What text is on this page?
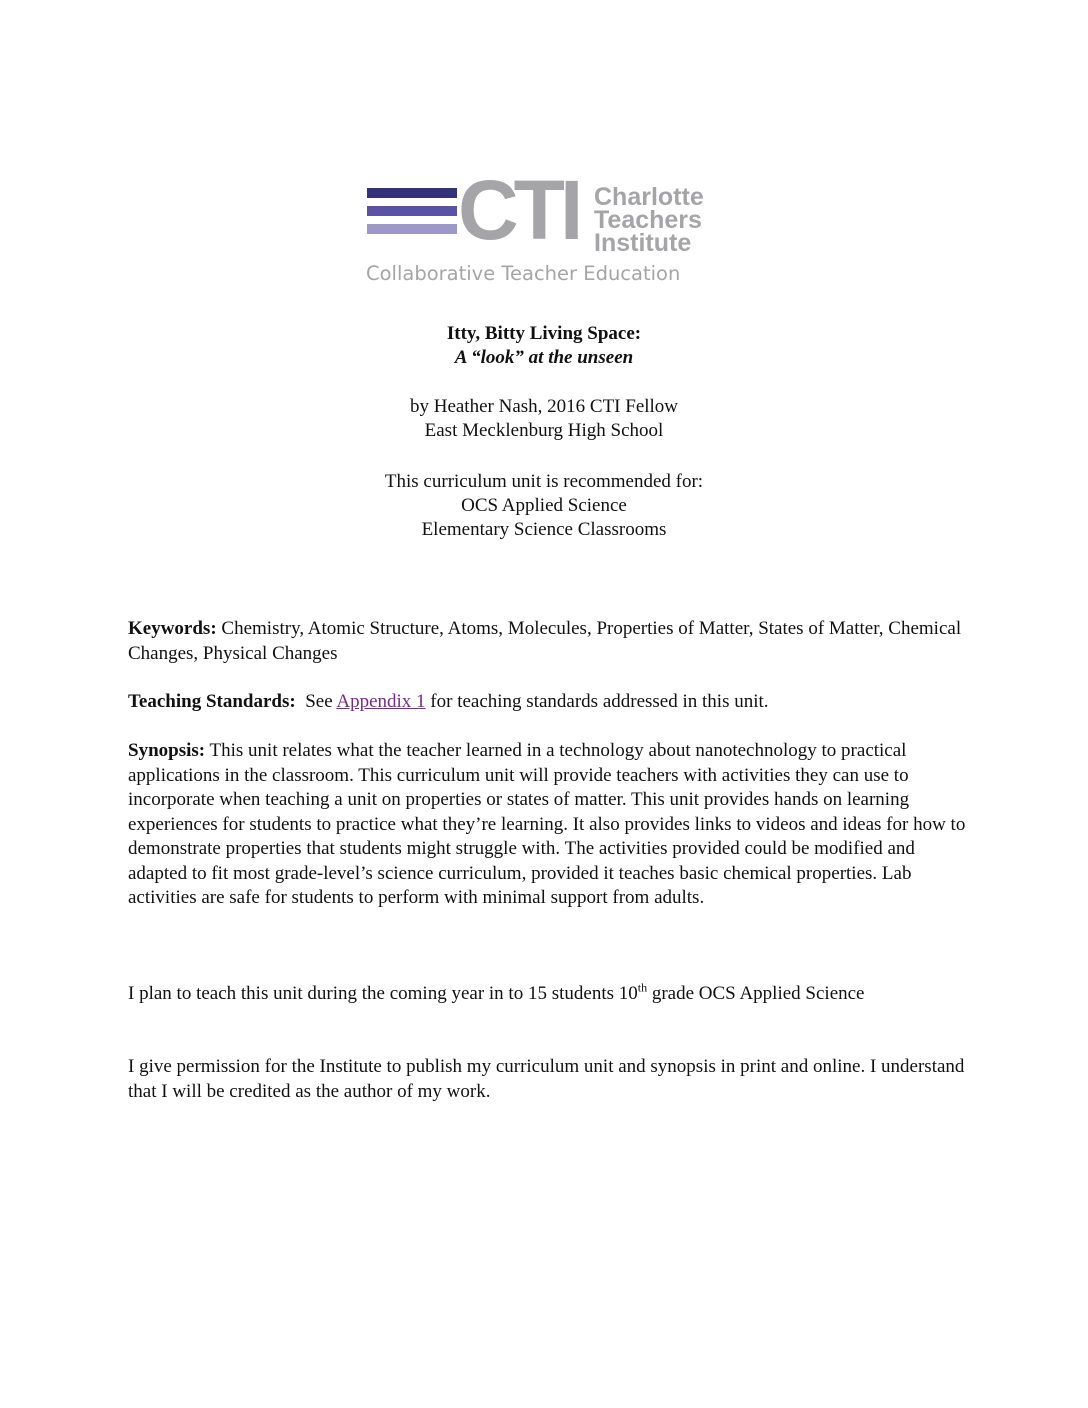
CTI Charlotte
Teachers
Institute
Collaborative Teacher Education
Itty, Bitty Living Space:
A “look” at the unseen
by Heather Nash, 2016 CTI Fellow
East Mecklenburg High School
This curriculum unit is recommended for:
OCS Applied Science
Elementary Science Classrooms
Keywords: Chemistry, Atomic Structure, Atoms, Molecules, Properties of Matter, States of Matter, Chemical Changes, Physical Changes
Teaching Standards:  See Appendix 1 for teaching standards addressed in this unit.
Synopsis: This unit relates what the teacher learned in a technology about nanotechnology to practical applications in the classroom. This curriculum unit will provide teachers with activities they can use to incorporate when teaching a unit on properties or states of matter. This unit provides hands on learning experiences for students to practice what they’re learning. It also provides links to videos and ideas for how to demonstrate properties that students might struggle with. The activities provided could be modified and adapted to fit most grade-level’s science curriculum, provided it teaches basic chemical properties. Lab activities are safe for students to perform with minimal support from adults.
I plan to teach this unit during the coming year in to 15 students 10th grade OCS Applied Science
I give permission for the Institute to publish my curriculum unit and synopsis in print and online. I understand that I will be credited as the author of my work.
